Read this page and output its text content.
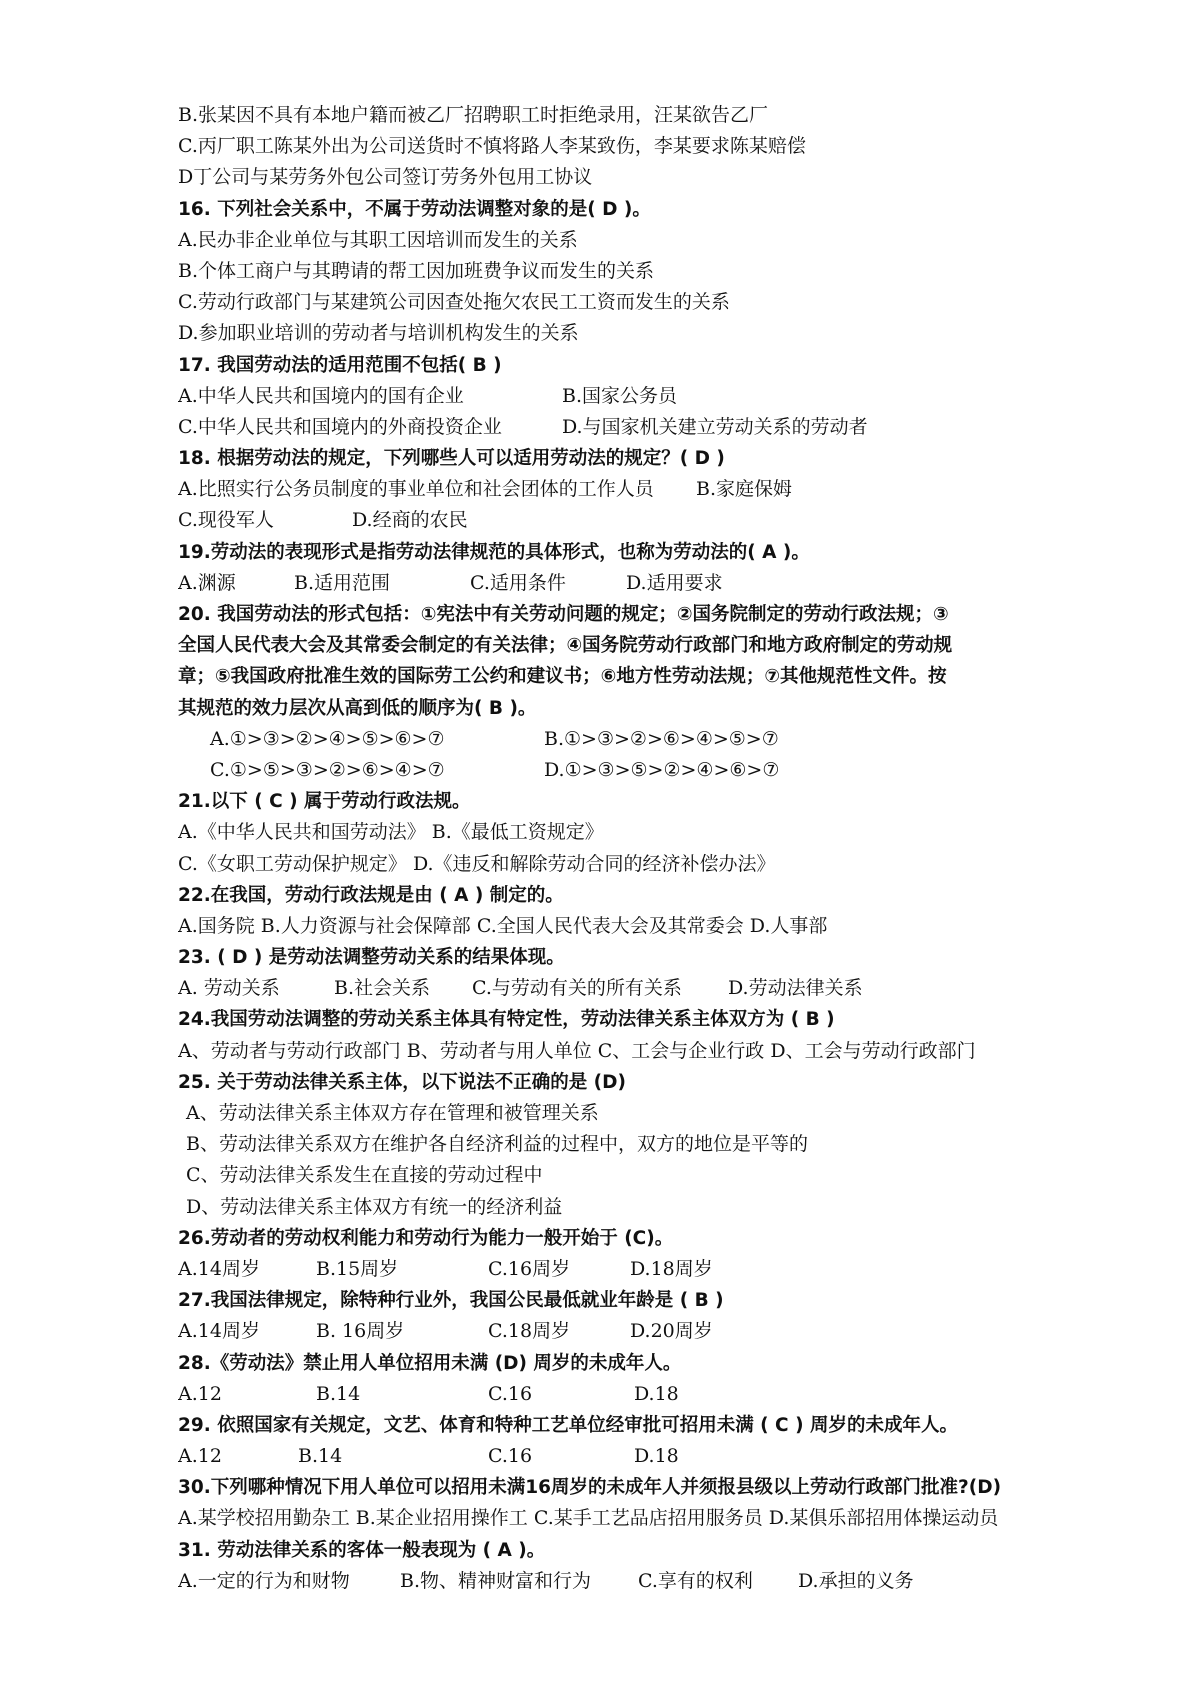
B.张某因不具有本地户籍而被乙厂招聘职工时拒绝录用，汪某欲告乙厂
C.丙厂职工陈某外出为公司送货时不慎将路人李某致伤，李某要求陈某赔偿
D丁公司与某劳务外包公司签订劳务外包用工协议
16. 下列社会关系中，不属于劳动法调整对象的是( D )。
A.民办非企业单位与其职工因培训而发生的关系
B.个体工商户与其聘请的帮工因加班费争议而发生的关系
C.劳动行政部门与某建筑公司因查处拖欠农民工工资而发生的关系
D.参加职业培训的劳动者与培训机构发生的关系
17. 我国劳动法的适用范围不包括( B )
A.中华人民共和国境内的国有企业	B.国家公务员
C.中华人民共和国境内的外商投资企业	D.与国家机关建立劳动关系的劳动者
18. 根据劳动法的规定，下列哪些人可以适用劳动法的规定？( D )
A.比照实行公务员制度的事业单位和社会团体的工作人员 B.家庭保姆
C.现役军人	D.经商的农民
19.劳动法的表现形式是指劳动法律规范的具体形式，也称为劳动法的( A )。
A.渊源	B.适用范围	C.适用条件	D.适用要求
20. 我国劳动法的形式包括：①宪法中有关劳动问题的规定；②国务院制定的劳动行政法规；③
全国人民代表大会及其常委会制定的有关法律；④国务院劳动行政部门和地方政府制定的劳动规
章；⑤我国政府批准生效的国际劳工公约和建议书；⑥地方性劳动法规；⑦其他规范性文件。按
其规范的效力层次从高到低的顺序为( B )。
A.①>③>②>④>⑤>⑥>⑦	B.①>③>②>⑥>④>⑤>⑦
C.①>⑤>③>②>⑥>④>⑦	D.①>③>⑤>②>④>⑥>⑦
21.以下 ( C ) 属于劳动行政法规。
A.《中华人民共和国劳动法》 B.《最低工资规定》
C.《女职工劳动保护规定》 D.《违反和解除劳动合同的经济补偿办法》
22.在我国，劳动行政法规是由 ( A ) 制定的。
A.国务院 B.人力资源与社会保障部 C.全国人民代表大会及其常委会 D.人事部
23. ( D ) 是劳动法调整劳动关系的结果体现。
A. 劳动关系	B.社会关系 C.与劳动有关的所有关系 D.劳动法律关系
24.我国劳动法调整的劳动关系主体具有特定性，劳动法律关系主体双方为 ( B )
A、劳动者与劳动行政部门 B、劳动者与用人单位 C、工会与企业行政 D、工会与劳动行政部门
25. 关于劳动法律关系主体，以下说法不正确的是 (D)
A、劳动法律关系主体双方存在管理和被管理关系
B、劳动法律关系双方在维护各自经济利益的过程中，双方的地位是平等的
C、劳动法律关系发生在直接的劳动过程中
D、劳动法律关系主体双方有统一的经济利益
26.劳动者的劳动权利能力和劳动行为能力一般开始于 (C)。
A.14周岁	B.15周岁	C.16周岁	D.18周岁
27.我国法律规定，除特种行业外，我国公民最低就业年龄是 ( B )
A.14周岁	B. 16周岁	C.18周岁	D.20周岁
28.《劳动法》禁止用人单位招用未满 (D) 周岁的未成年人。
A.12	B.14	C.16	D.18
29. 依照国家有关规定，文艺、体育和特种工艺单位经审批可招用未满 ( C ) 周岁的未成年人。
A.12	B.14	C.16	D.18
30.下列哪种情况下用人单位可以招用未满16周岁的未成年人并须报县级以上劳动行政部门批准?(D)
A.某学校招用勤杂工 B.某企业招用操作工 C.某手工艺品店招用服务员 D.某俱乐部招用体操运动员
31. 劳动法律关系的客体一般表现为 ( A )。
A.一定的行为和财物	B.物、精神财富和行为 C.享有的权利 D.承担的义务
